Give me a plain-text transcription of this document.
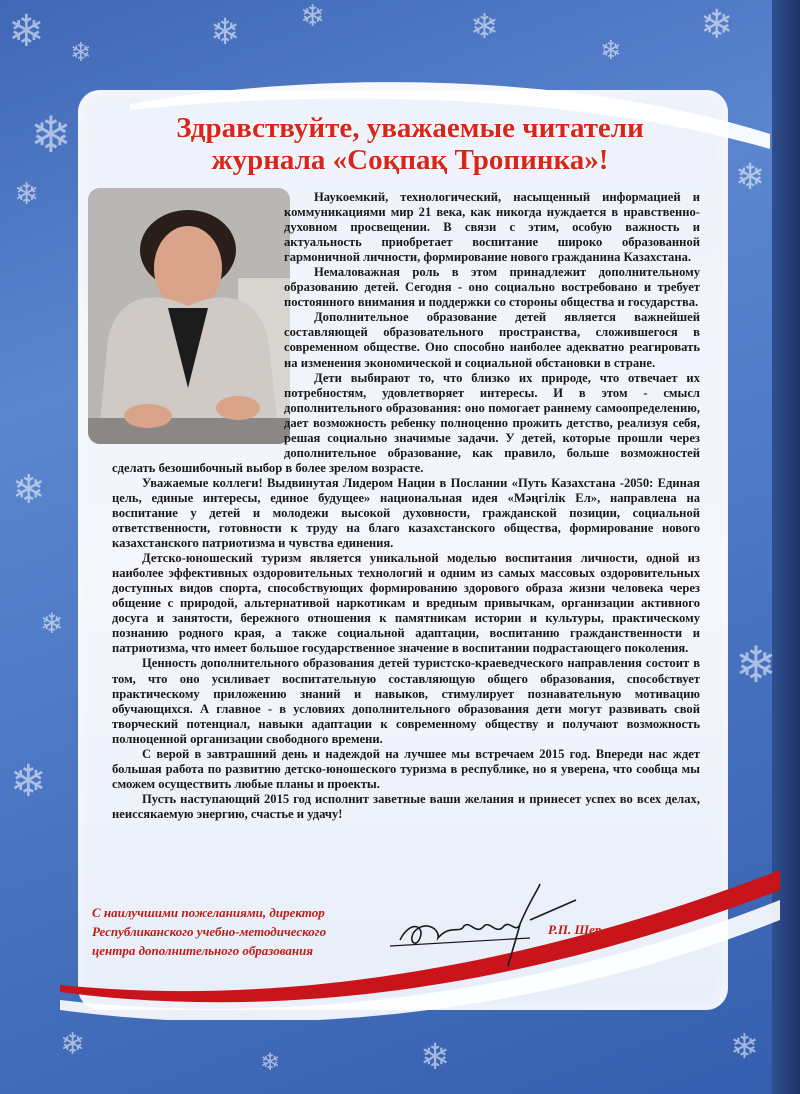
❄ ❄	❄ ❄	❄
❄
❄
❄
❄
❄
❄
❄
❄
❄
❄
❄	❄
❄
Здравствуйте, уважаемые читатели
журнала «Соқпақ Тропинка»!

Наукоемкий, технологический, насыщенный информацией и коммуникациями мир 21 века, как никогда нуждается в нравственно-духовном просвещении. В связи с этим, особую важность и актуальность приобретает воспитание широко образованной гармоничной личности, формирование нового гражданина Казахстана.

Немаловажная роль в этом принадлежит дополнительному образованию детей. Сегодня - оно социально востребовано и требует постоянного внимания и поддержки со стороны общества и государства.

Дополнительное образование детей является важнейшей составляющей образовательного пространства, сложившегося в современном обществе. Оно способно наиболее адекватно реагировать на изменения экономической и социальной обстановки в стране.

Дети выбирают то, что близко их природе, что отвечает их потребностям, удовлетворяет интересы. И в этом - смысл дополнительного образования: оно помогает раннему самоопределению, дает возможность ребенку полноценно прожить детство, реализуя себя, решая социально значимые задачи. У детей, которые прошли через дополнительное образование, как правило, больше возможностей сделать безошибочный выбор в более зрелом возрасте.

Уважаемые коллеги! Выдвинутая Лидером Нации в Послании «Путь Казахстана -2050: Единая цель, единые интересы, единое будущее» национальная идея «Мәңгілік Ел», направлена на воспитание у детей и молодежи высокой духовности, гражданской позиции, социальной ответственности, готовности к труду на благо казахстанского общества, формирование нового казахстанского патриотизма и чувства единения.

Детско-юношеский туризм является уникальной моделью воспитания личности, одной из наиболее эффективных оздоровительных технологий и одним из самых массовых оздоровительных доступных видов спорта, способствующих формированию здорового образа жизни человека через общение с природой, альтернативой наркотикам и вредным привычкам, организации активного досуга и занятости, бережного отношения к памятникам истории и культуры, практическому познанию родного края, а также социальной адаптации, воспитанию гражданственности и патриотизма, что имеет большое государственное значение в воспитании подрастающего поколения.

Ценность дополнительного образования детей туристско-краеведческого направления состоит в том, что оно усиливает воспитательную составляющую общего образования, способствует практическому приложению знаний и навыков, стимулирует познавательную мотивацию обучающихся. А главное - в условиях дополнительного образования дети могут развивать свой творческий потенциал, навыки адаптации к современному обществу и получают возможность полноценной организации свободного времени.

С верой в завтрашний день и надеждой на лучшее мы встречаем 2015 год. Впереди нас ждет большая работа по развитию детско-юношеского туризма в республике, но я уверена, что сообща мы сможем осуществить любые планы и проекты.

Пусть наступающий 2015 год исполнит заветные ваши желания и принесет успех во всех делах, неиссякаемую энергию, счастье и удачу!

С наилучшими пожеланиями, директор
Республиканского учебно-методического
центра дополнительного образования
Р.П. Шер
